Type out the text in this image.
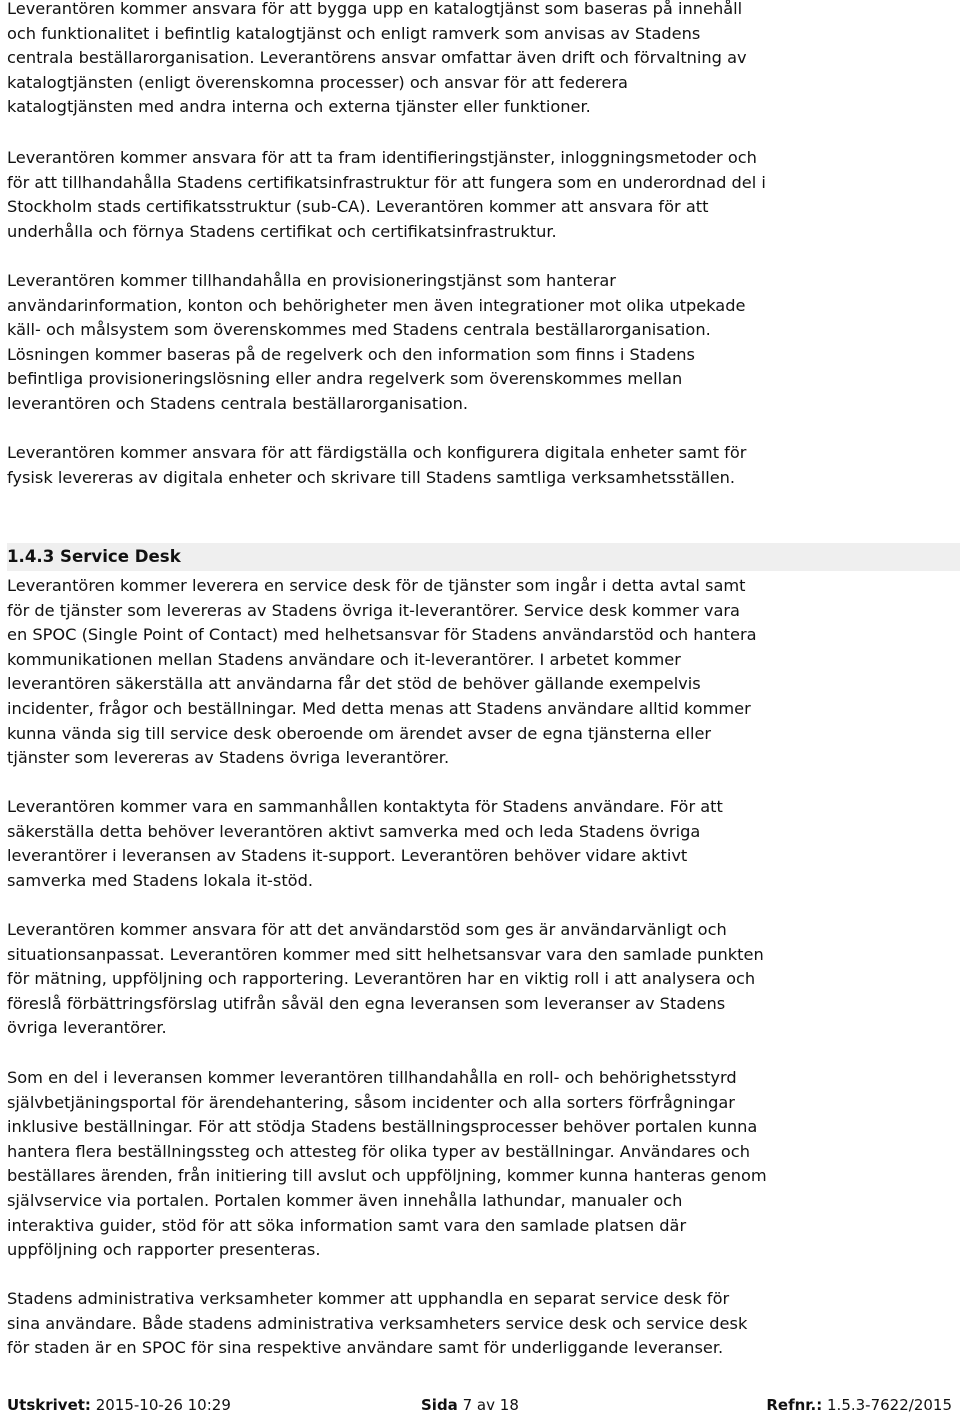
Leverantören kommer ansvara för att bygga upp en katalogtjänst som baseras på innehåll
och funktionalitet i befintlig katalogtjänst och enligt ramverk som anvisas av Stadens
centrala beställarorganisation. Leverantörens ansvar omfattar även drift och förvaltning av
katalogtjänsten (enligt överenskomna processer) och ansvar för att federera
katalogtjänsten med andra interna och externa tjänster eller funktioner.

Leverantören kommer ansvara för att ta fram identifieringstjänster, inloggningsmetoder och
för att tillhandahålla Stadens certifikatsinfrastruktur för att fungera som en underordnad del i
Stockholm stads certifikatsstruktur (sub-CA). Leverantören kommer att ansvara för att
underhålla och förnya Stadens certifikat och certifikatsinfrastruktur.

Leverantören kommer tillhandahålla en provisioneringstjänst som hanterar
användarinformation, konton och behörigheter men även integrationer mot olika utpekade
käll- och målsystem som överenskommes med Stadens centrala beställarorganisation.
Lösningen kommer baseras på de regelverk och den information som finns i Stadens
befintliga provisioneringslösning eller andra regelverk som överenskommes mellan
leverantören och Stadens centrala beställarorganisation.

Leverantören kommer ansvara för att färdigställa och konfigurera digitala enheter samt för
fysisk levereras av digitala enheter och skrivare till Stadens samtliga verksamhetsställen.

1.4.3 Service Desk

Leverantören kommer leverera en service desk för de tjänster som ingår i detta avtal samt
för de tjänster som levereras av Stadens övriga it-leverantörer. Service desk kommer vara
en SPOC (Single Point of Contact) med helhetsansvar för Stadens användarstöd och hantera
kommunikationen mellan Stadens användare och it-leverantörer. I arbetet kommer
leverantören säkerställa att användarna får det stöd de behöver gällande exempelvis
incidenter, frågor och beställningar. Med detta menas att Stadens användare alltid kommer
kunna vända sig till service desk oberoende om ärendet avser de egna tjänsterna eller
tjänster som levereras av Stadens övriga leverantörer.

Leverantören kommer vara en sammanhållen kontaktyta för Stadens användare. För att
säkerställa detta behöver leverantören aktivt samverka med och leda Stadens övriga
leverantörer i leveransen av Stadens it-support. Leverantören behöver vidare aktivt
samverka med Stadens lokala it-stöd.

Leverantören kommer ansvara för att det användarstöd som ges är användarvänligt och
situationsanpassat. Leverantören kommer med sitt helhetsansvar vara den samlade punkten
för mätning, uppföljning och rapportering. Leverantören har en viktig roll i att analysera och
föreslå förbättringsförslag utifrån såväl den egna leveransen som leveranser av Stadens
övriga leverantörer.

Som en del i leveransen kommer leverantören tillhandahålla en roll- och behörighetsstyrd
självbetjäningsportal för ärendehantering, såsom incidenter och alla sorters förfrågningar
inklusive beställningar. För att stödja Stadens beställningsprocesser behöver portalen kunna
hantera flera beställningssteg och attesteg för olika typer av beställningar. Användares och
beställares ärenden, från initiering till avslut och uppföljning, kommer kunna hanteras genom
självservice via portalen. Portalen kommer även innehålla lathundar, manualer och
interaktiva guider, stöd för att söka information samt vara den samlade platsen där
uppföljning och rapporter presenteras.

Stadens administrativa verksamheter kommer att upphandla en separat service desk för
sina användare. Både stadens administrativa verksamheters service desk och service desk
för staden är en SPOC för sina respektive användare samt för underliggande leveranser.

Utskrivet: 2015-10-26 10:29	Sida 7 av 18	Refnr.: 1.5.3-7622/2015
